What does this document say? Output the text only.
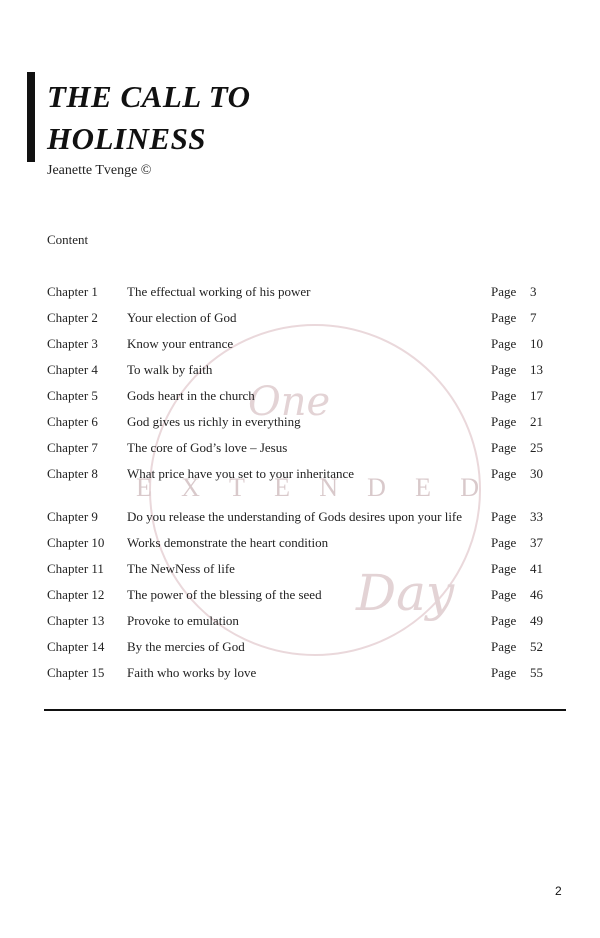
THE CALL TO
HOLINESS
Jeanette Tvenge ©
Content
One
Day
E X T E N D E D
Chapter 1	The effectual working of his power	Page	3
Chapter 2	Your election of God	Page	7
Chapter 3	Know your entrance	Page	10
Chapter 4	To walk by faith	Page	13
Chapter 5	Gods heart in the church	Page	17
Chapter 6	God gives us richly in everything	Page	21
Chapter 7	The core of God’s love – Jesus	Page	25
Chapter 8	What price have you set to your inheritance	Page	30
Chapter 9	Do you release the understanding of Gods desires upon your life Page	33
Chapter 10	Works demonstrate the heart condition	Page	37
Chapter 11	The NewNess of life	Page	41
Chapter 12	The power of the blessing of the seed	Page	46
Chapter 13	Provoke to emulation	Page	49
Chapter 14	By the mercies of God	Page	52
Chapter 15	Faith who works by love	Page	55
2
